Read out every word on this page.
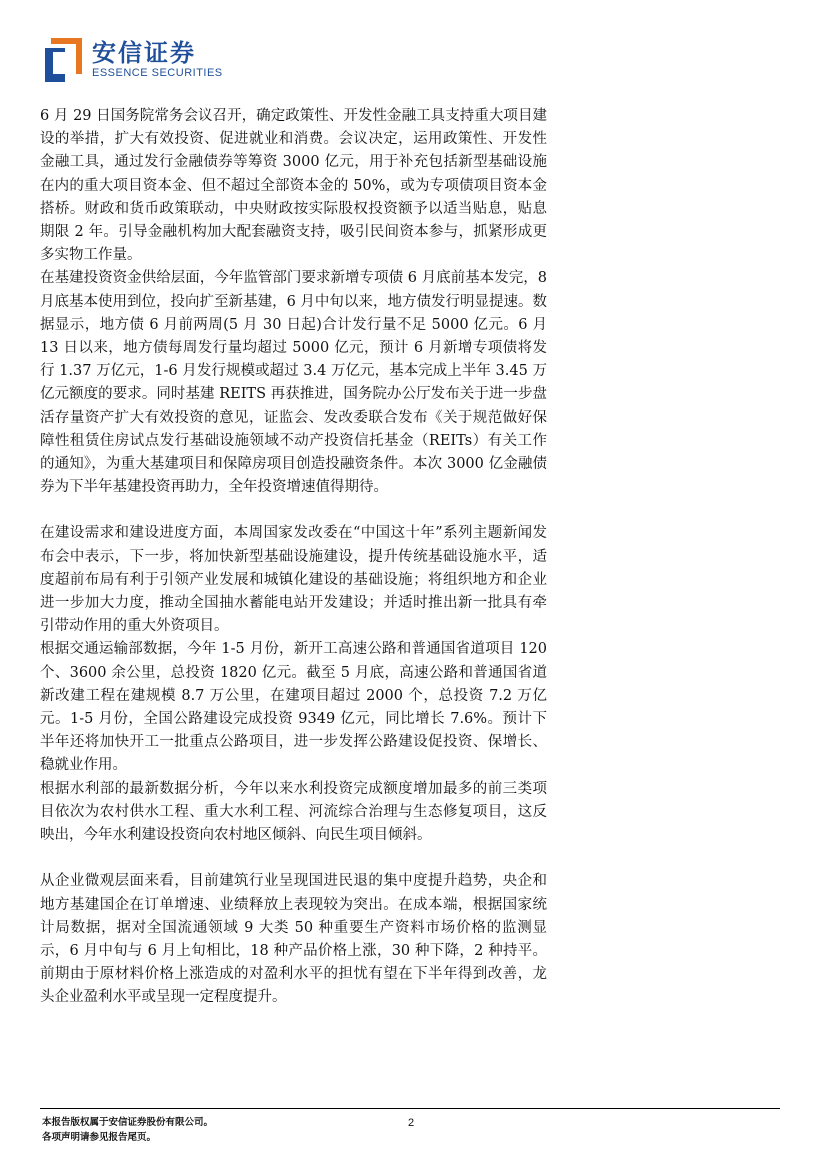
安信证券
ESSENCE SECURITIES

6 月 29 日国务院常务会议召开，确定政策性、开发性金融工具支持重大项目建设的举措，扩大有效投资、促进就业和消费。会议决定，运用政策性、开发性金融工具，通过发行金融债券等筹资 3000 亿元，用于补充包括新型基础设施在内的重大项目资本金、但不超过全部资本金的 50%，或为专项债项目资本金搭桥。财政和货币政策联动，中央财政按实际股权投资额予以适当贴息，贴息期限 2 年。引导金融机构加大配套融资支持，吸引民间资本参与，抓紧形成更多实物工作量。

在基建投资资金供给层面，今年监管部门要求新增专项债 6 月底前基本发完，8 月底基本使用到位，投向扩至新基建，6 月中旬以来，地方债发行明显提速。数据显示，地方债 6 月前两周(5 月 30 日起)合计发行量不足 5000 亿元。6 月 13 日以来，地方债每周发行量均超过 5000 亿元，预计 6 月新增专项债将发行 1.37 万亿元，1-6 月发行规模或超过 3.4 万亿元，基本完成上半年 3.45 万亿元额度的要求。同时基建 REITS 再获推进，国务院办公厅发布关于进一步盘活存量资产扩大有效投资的意见，证监会、发改委联合发布《关于规范做好保障性租赁住房试点发行基础设施领域不动产投资信托基金（REITs）有关工作的通知》，为重大基建项目和保障房项目创造投融资条件。本次 3000 亿金融债券为下半年基建投资再助力，全年投资增速值得期待。

在建设需求和建设进度方面，本周国家发改委在“中国这十年”系列主题新闻发布会中表示，下一步，将加快新型基础设施建设，提升传统基础设施水平，适度超前布局有利于引领产业发展和城镇化建设的基础设施；将组织地方和企业进一步加大力度，推动全国抽水蓄能电站开发建设；并适时推出新一批具有牵引带动作用的重大外资项目。

根据交通运输部数据，今年 1-5 月份，新开工高速公路和普通国省道项目 120 个、3600 余公里，总投资 1820 亿元。截至 5 月底，高速公路和普通国省道新改建工程在建规模 8.7 万公里，在建项目超过 2000 个，总投资 7.2 万亿元。1-5 月份，全国公路建设完成投资 9349 亿元，同比增长 7.6%。预计下半年还将加快开工一批重点公路项目，进一步发挥公路建设促投资、保增长、稳就业作用。

根据水利部的最新数据分析，今年以来水利投资完成额度增加最多的前三类项目依次为农村供水工程、重大水利工程、河流综合治理与生态修复项目，这反映出，今年水利建设投资向农村地区倾斜、向民生项目倾斜。

从企业微观层面来看，目前建筑行业呈现国进民退的集中度提升趋势，央企和地方基建国企在订单增速、业绩释放上表现较为突出。在成本端，根据国家统计局数据，据对全国流通领域 9 大类 50 种重要生产资料市场价格的监测显示，6 月中旬与 6 月上旬相比，18 种产品价格上涨，30 种下降，2 种持平。前期由于原材料价格上涨造成的对盈利水平的担忧有望在下半年得到改善，龙头企业盈利水平或呈现一定程度提升。

本报告版权属于安信证券股份有限公司。
各项声明请参见报告尾页。
2
